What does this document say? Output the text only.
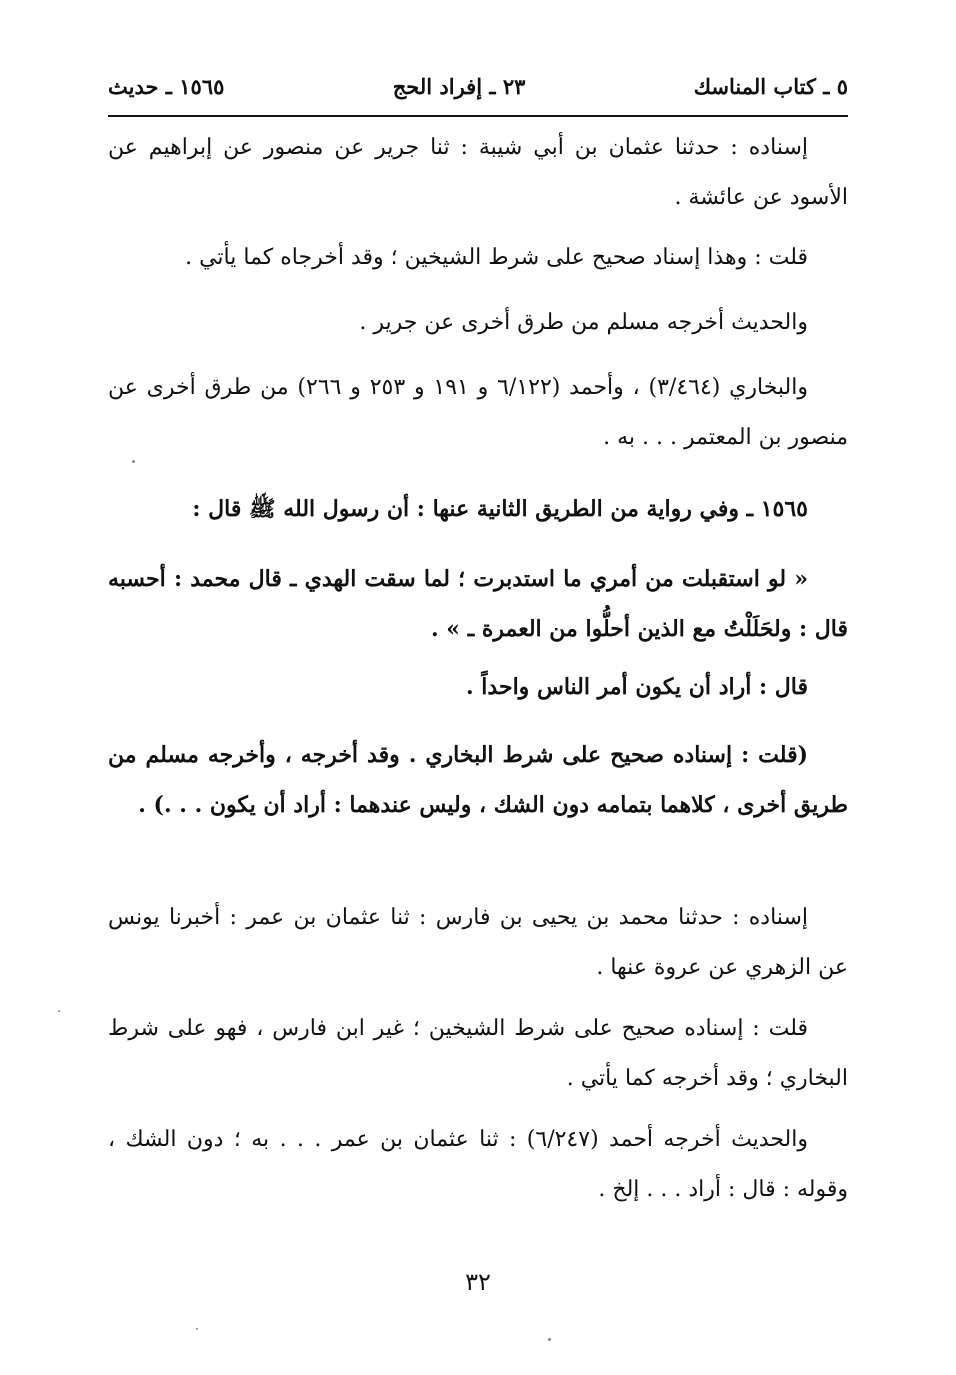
٥ ـ كتاب المناسك
٢٣ ـ إفراد الحج
١٥٦٥ ـ حديث
إسناده : حدثنا عثمان بن أبي شيبة : ثنا جرير عن منصور عن إبراهيم عن الأسود عن عائشة .
قلت : وهذا إسناد صحيح على شرط الشيخين ؛ وقد أخرجاه كما يأتي .
والحديث أخرجه مسلم من طرق أخرى عن جرير .
والبخاري (٣/٤٦٤) ، وأحمد (٦/١٢٢ و ١٩١ و ٢٥٣ و ٢٦٦) من طرق أخرى عن منصور بن المعتمر . . . به .
١٥٦٥ ـ وفي رواية من الطريق الثانية عنها : أن رسول الله ﷺ قال :
« لو استقبلت من أمري ما استدبرت ؛ لما سقت الهدي ـ قال محمد : أحسبه قال : ولحَلَلْتُ مع الذين أحلُّوا من العمرة ـ » .
قال : أراد أن يكون أمر الناس واحداً .
(قلت : إسناده صحيح على شرط البخاري . وقد أخرجه ، وأخرجه مسلم من طريق أخرى ، كلاهما بتمامه دون الشك ، وليس عندهما : أراد أن يكون . . .) .
إسناده : حدثنا محمد بن يحيى بن فارس : ثنا عثمان بن عمر : أخبرنا يونس عن الزهري عن عروة عنها .
قلت : إسناده صحيح على شرط الشيخين ؛ غير ابن فارس ، فهو على شرط البخاري ؛ وقد أخرجه كما يأتي .
والحديث أخرجه أحمد (٦/٢٤٧) : ثنا عثمان بن عمر . . . به ؛ دون الشك ، وقوله : قال : أراد . . . إلخ .
٣٢
